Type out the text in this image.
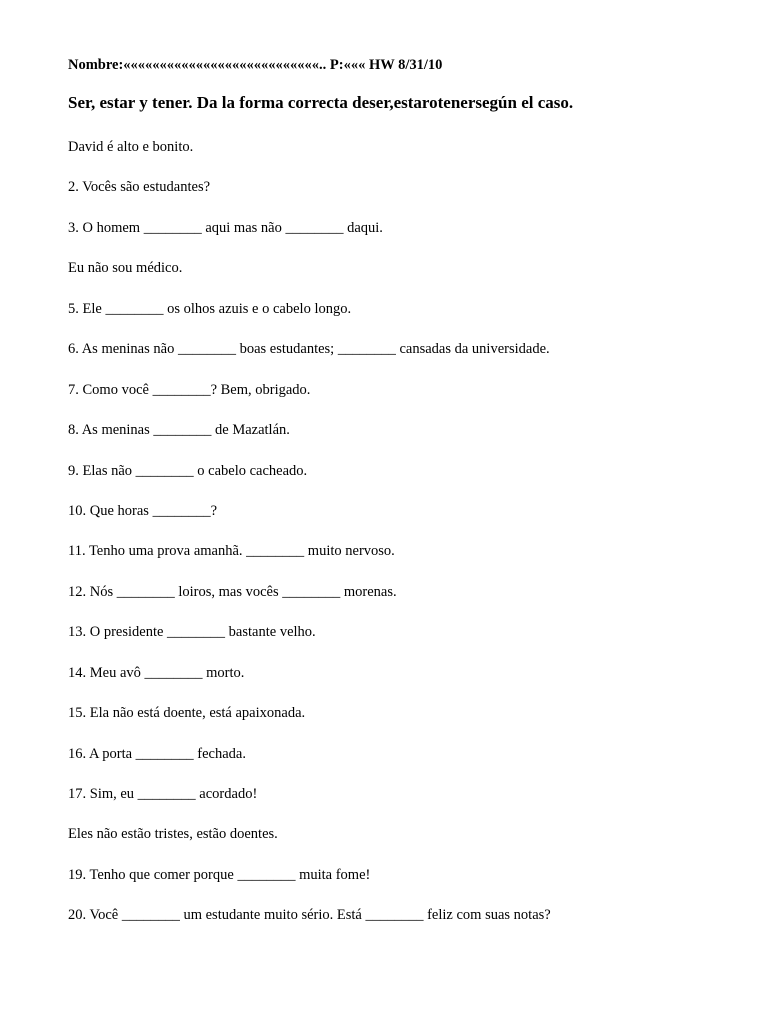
Nombre:«««««««««««««««««««««««««««.. P:««« HW 8/31/10
Ser, estar y tener. Da la forma correcta deser,estarotenersegún el caso.
David é alto e bonito.
2. Vocês são estudantes?
3. O homem ________ aqui mas não ________ daqui.
Eu não sou médico.
5. Ele ________ os olhos azuis e o cabelo longo.
6. As meninas não ________ boas estudantes; ________ cansadas da universidade.
7. Como você ________? Bem, obrigado.
8. As meninas ________ de Mazatlán.
9. Elas não ________ o cabelo cacheado.
10. Que horas ________?
11. Tenho uma prova amanhã. ________ muito nervoso.
12. Nós ________ loiros, mas vocês ________ morenas.
13. O presidente ________ bastante velho.
14. Meu avô ________ morto.
15. Ela não está doente, está apaixonada.
16. A porta ________ fechada.
17. Sim, eu ________ acordado!
Eles não estão tristes, estão doentes.
19. Tenho que comer porque ________ muita fome!
20. Você ________ um estudante muito sério. Está ________ feliz com suas notas?
